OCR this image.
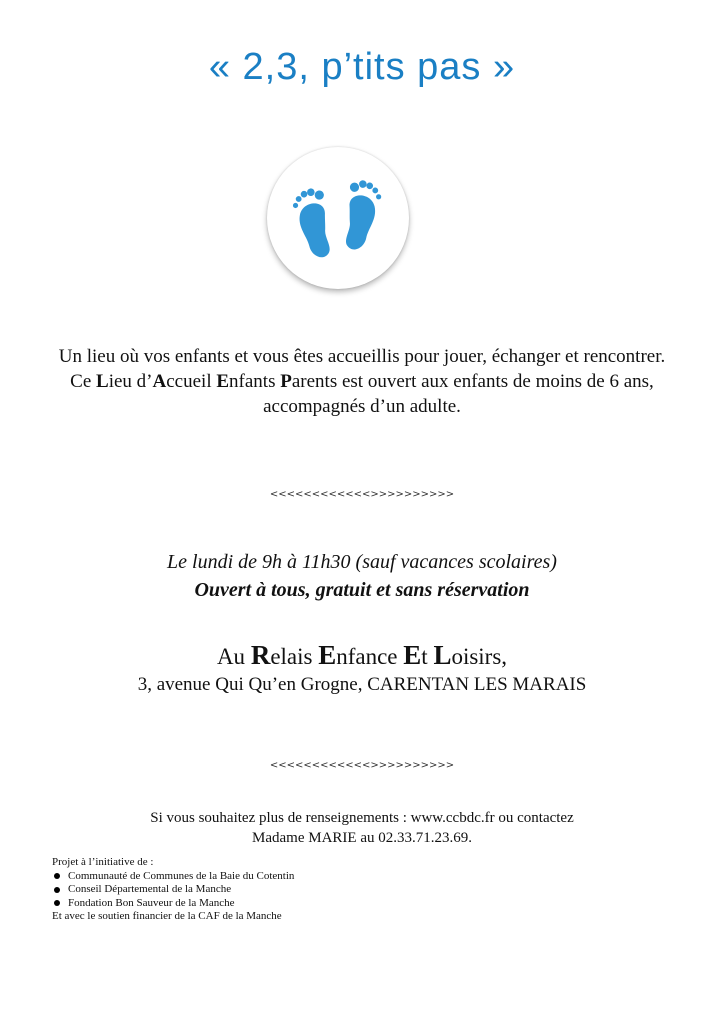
« 2,3, p’tits pas »

Un lieu où vos enfants et vous êtes accueillis pour jouer, échanger et rencontrer.

Ce Lieu d’Accueil Enfants Parents est ouvert aux enfants de moins de 6 ans, accompagnés d’un adulte.

<<<<<<<<<<<<>>>>>>>>>>
Le lundi de 9h à 11h30 (sauf vacances scolaires)
Ouvert à tous, gratuit et sans réservation
Au Relais Enfance Et Loisirs,
3, avenue Qui Qu’en Grogne, CARENTAN LES MARAIS
<<<<<<<<<<<<>>>>>>>>>>
Si vous souhaitez plus de renseignements : www.ccbdc.fr ou contactez
Madame MARIE au 02.33.71.23.69.
Projet à l’initiative de :
Communauté de Communes de la Baie du Cotentin
Conseil Départemental de la Manche
Fondation Bon Sauveur de la Manche
Et avec le soutien financier de la CAF de la Manche
